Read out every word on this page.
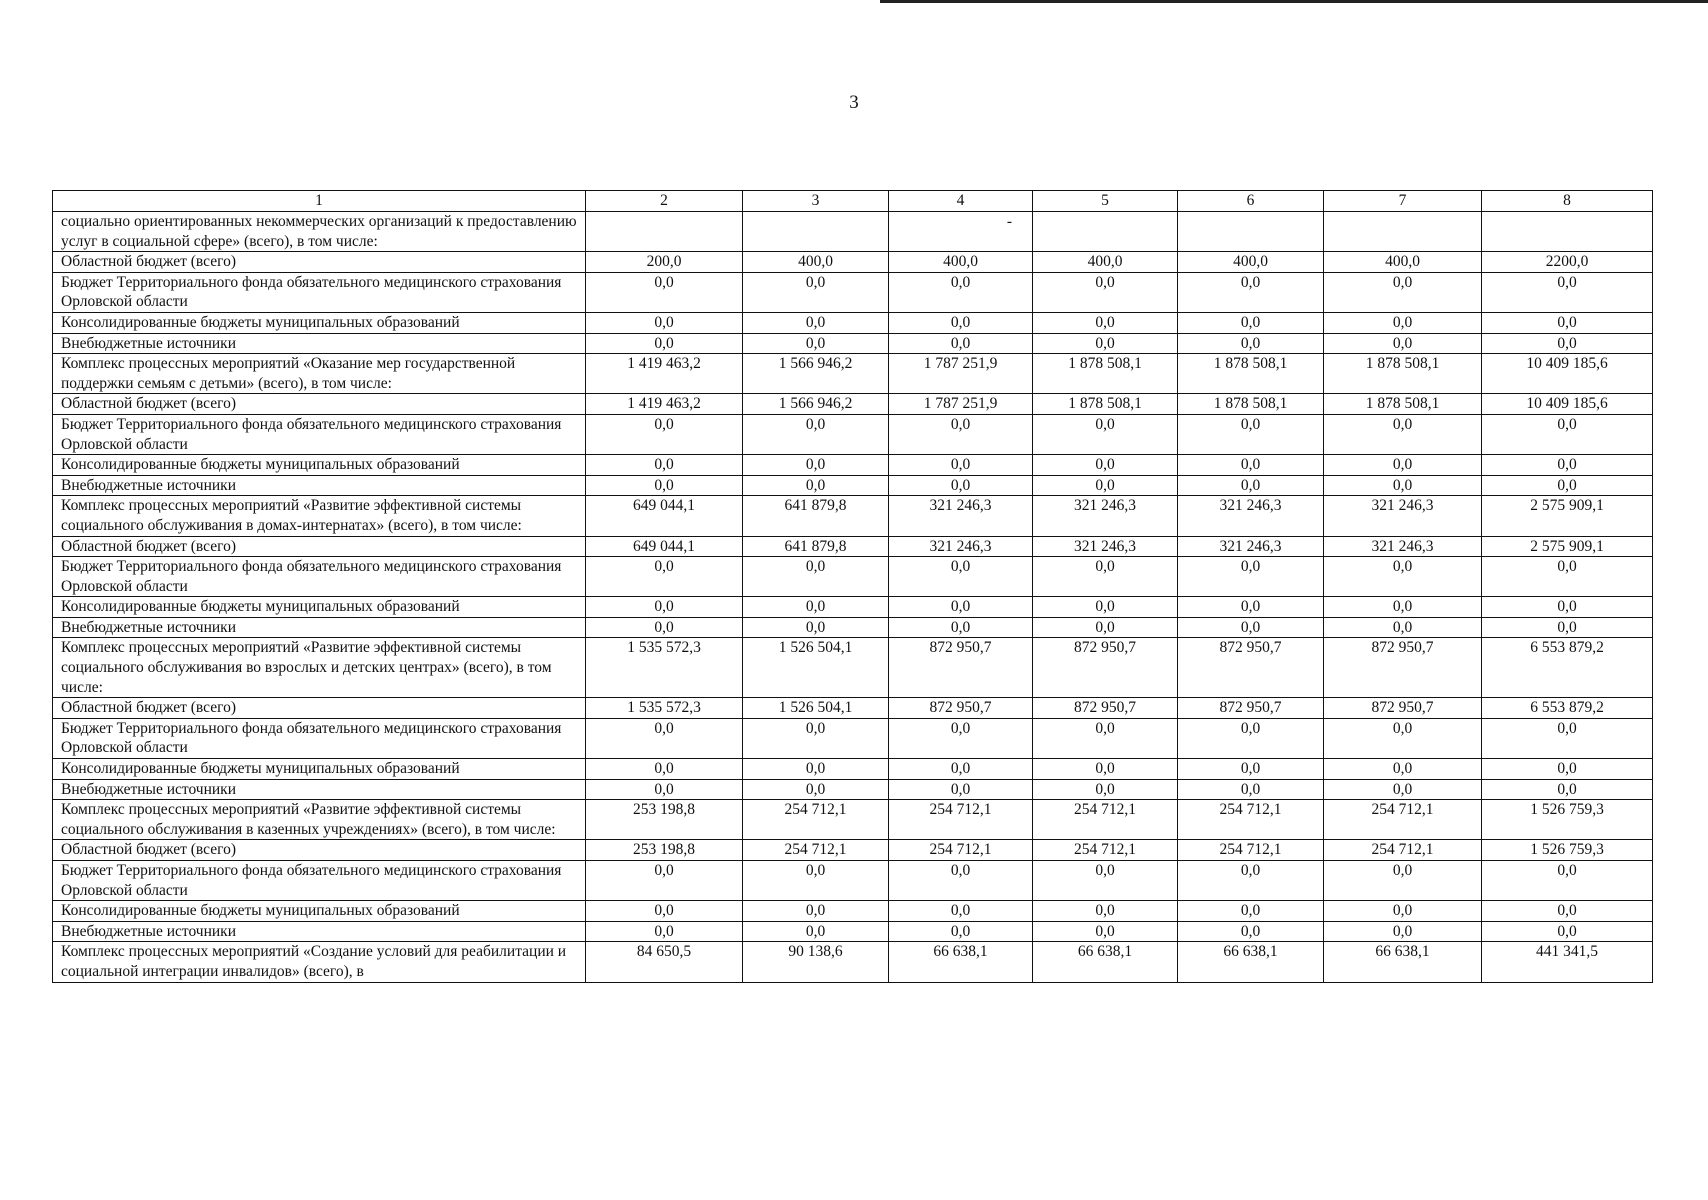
3
1	2	3	4	5	6	7	8
социально ориентированных некоммерческих организаций к предоставлению услуг в социальной сфере» (всего), в том числе:			-				
Областной бюджет (всего)	200,0	400,0	400,0	400,0	400,0	400,0	2200,0
Бюджет Территориального фонда обязательного медицинского страхования Орловской области	0,0	0,0	0,0	0,0	0,0	0,0	0,0
Консолидированные бюджеты муниципальных образований	0,0	0,0	0,0	0,0	0,0	0,0	0,0
Внебюджетные источники	0,0	0,0	0,0	0,0	0,0	0,0	0,0
Комплекс процессных мероприятий «Оказание мер государственной поддержки семьям с детьми» (всего), в том числе:	1 419 463,2	1 566 946,2	1 787 251,9	1 878 508,1	1 878 508,1	1 878 508,1	10 409 185,6
Областной бюджет (всего)	1 419 463,2	1 566 946,2	1 787 251,9	1 878 508,1	1 878 508,1	1 878 508,1	10 409 185,6
Бюджет Территориального фонда обязательного медицинского страхования Орловской области	0,0	0,0	0,0	0,0	0,0	0,0	0,0
Консолидированные бюджеты муниципальных образований	0,0	0,0	0,0	0,0	0,0	0,0	0,0
Внебюджетные источники	0,0	0,0	0,0	0,0	0,0	0,0	0,0
Комплекс процессных мероприятий «Развитие эффективной системы социального обслуживания в домах-интернатах» (всего), в том числе:	649 044,1	641 879,8	321 246,3	321 246,3	321 246,3	321 246,3	2 575 909,1
Областной бюджет (всего)	649 044,1	641 879,8	321 246,3	321 246,3	321 246,3	321 246,3	2 575 909,1
Бюджет Территориального фонда обязательного медицинского страхования Орловской области	0,0	0,0	0,0	0,0	0,0	0,0	0,0
Консолидированные бюджеты муниципальных образований	0,0	0,0	0,0	0,0	0,0	0,0	0,0
Внебюджетные источники	0,0	0,0	0,0	0,0	0,0	0,0	0,0
Комплекс процессных мероприятий «Развитие эффективной системы социального обслуживания во взрослых и детских центрах» (всего), в том числе:	1 535 572,3	1 526 504,1	872 950,7	872 950,7	872 950,7	872 950,7	6 553 879,2
Областной бюджет (всего)	1 535 572,3	1 526 504,1	872 950,7	872 950,7	872 950,7	872 950,7	6 553 879,2
Бюджет Территориального фонда обязательного медицинского страхования Орловской области	0,0	0,0	0,0	0,0	0,0	0,0	0,0
Консолидированные бюджеты муниципальных образований	0,0	0,0	0,0	0,0	0,0	0,0	0,0
Внебюджетные источники	0,0	0,0	0,0	0,0	0,0	0,0	0,0
Комплекс процессных мероприятий «Развитие эффективной системы социального обслуживания в казенных учреждениях» (всего), в том числе:	253 198,8	254 712,1	254 712,1	254 712,1	254 712,1	254 712,1	1 526 759,3
Областной бюджет (всего)	253 198,8	254 712,1	254 712,1	254 712,1	254 712,1	254 712,1	1 526 759,3
Бюджет Территориального фонда обязательного медицинского страхования Орловской области	0,0	0,0	0,0	0,0	0,0	0,0	0,0
Консолидированные бюджеты муниципальных образований	0,0	0,0	0,0	0,0	0,0	0,0	0,0
Внебюджетные источники	0,0	0,0	0,0	0,0	0,0	0,0	0,0
Комплекс процессных мероприятий «Создание условий для реабилитации и социальной интеграции инвалидов» (всего), в	84 650,5	90 138,6	66 638,1	66 638,1	66 638,1	66 638,1	441 341,5
